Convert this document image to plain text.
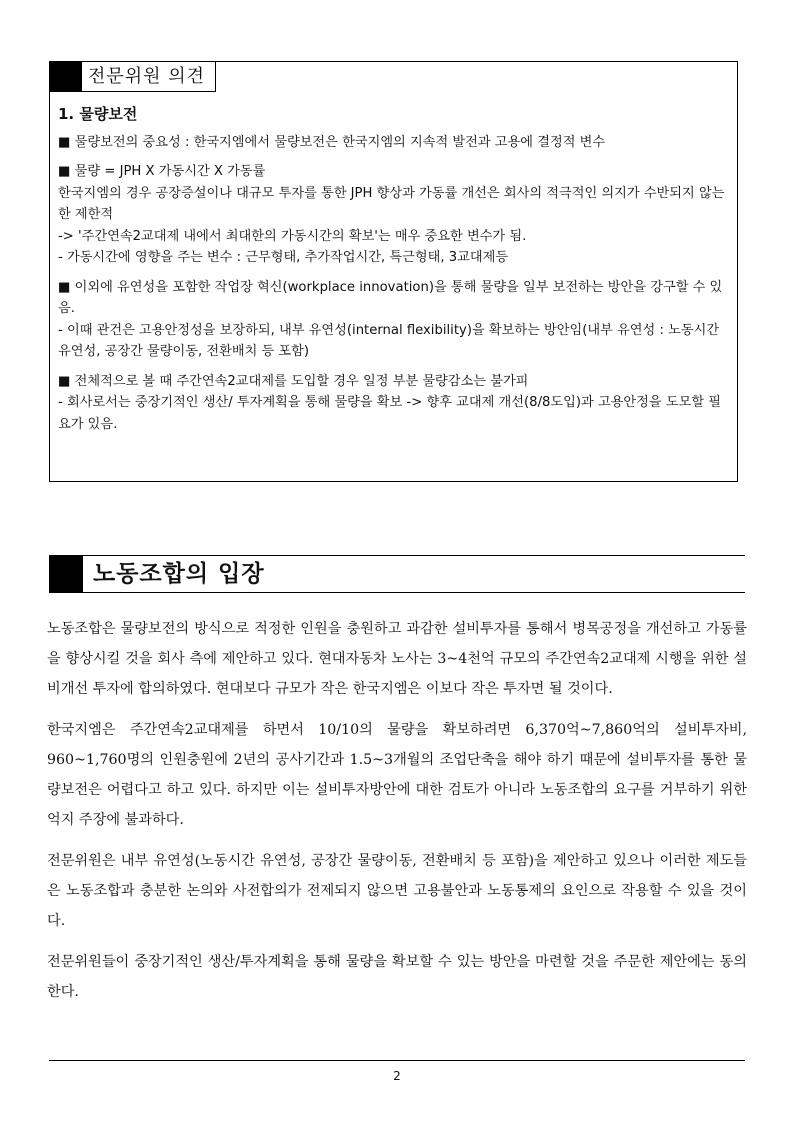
전문위원 의견
1. 물량보전
■ 물량보전의 중요성 : 한국지엠에서 물량보전은 한국지엠의 지속적 발전과 고용에 결정적 변수
■ 물량 = JPH X 가동시간 X 가동률
한국지엠의 경우 공장증설이나 대규모 투자를 통한 JPH 향상과 가동률 개선은 회사의 적극적인 의지가 수반되지 않는 한 제한적
-> '주간연속2교대제 내에서 최대한의 가동시간의 확보'는 매우 중요한 변수가 됨.
- 가동시간에 영향을 주는 변수 : 근무형태, 추가작업시간, 특근형태, 3교대제등
■ 이외에 유연성을 포함한 작업장 혁신(workplace innovation)을 통해 물량을 일부 보전하는 방안을 강구할 수 있음.
- 이때 관건은 고용안정성을 보장하되, 내부 유연성(internal flexibility)을 확보하는 방안임(내부 유연성 : 노동시간 유연성, 공장간 물량이동, 전환배치 등 포함)
■ 전체적으로 볼 때 주간연속2교대제를 도입할 경우 일정 부분 물량감소는 불가피
- 회사로서는 중장기적인 생산/ 투자계획을 통해 물량을 확보 -> 향후 교대제 개선(8/8도입)과 고용안정을 도모할 필요가 있음.
노동조합의 입장

노동조합은 물량보전의 방식으로 적정한 인원을 충원하고 과감한 설비투자를 통해서 병목공정을 개선하고 가동률을 향상시킬 것을 회사 측에 제안하고 있다. 현대자동차 노사는 3~4천억 규모의 주간연속2교대제 시행을 위한 설비개선 투자에 합의하였다. 현대보다 규모가 작은 한국지엠은 이보다 작은 투자면 될 것이다.

한국지엠은 주간연속2교대제를 하면서 10/10의 물량을 확보하려면 6,370억~7,860억의 설비투자비, 960~1,760명의 인원충원에 2년의 공사기간과 1.5~3개월의 조업단축을 해야 하기 때문에 설비투자를 통한 물량보전은 어렵다고 하고 있다. 하지만 이는 설비투자방안에 대한 검토가 아니라 노동조합의 요구를 거부하기 위한 억지 주장에 불과하다.

전문위원은 내부 유연성(노동시간 유연성, 공장간 물량이동, 전환배치 등 포함)을 제안하고 있으나 이러한 제도들은 노동조합과 충분한 논의와 사전합의가 전제되지 않으면 고용불안과 노동통제의 요인으로 작용할 수 있을 것이다.

전문위원들이 중장기적인 생산/투자계획을 통해 물량을 확보할 수 있는 방안을 마련할 것을 주문한 제안에는 동의한다.

2
